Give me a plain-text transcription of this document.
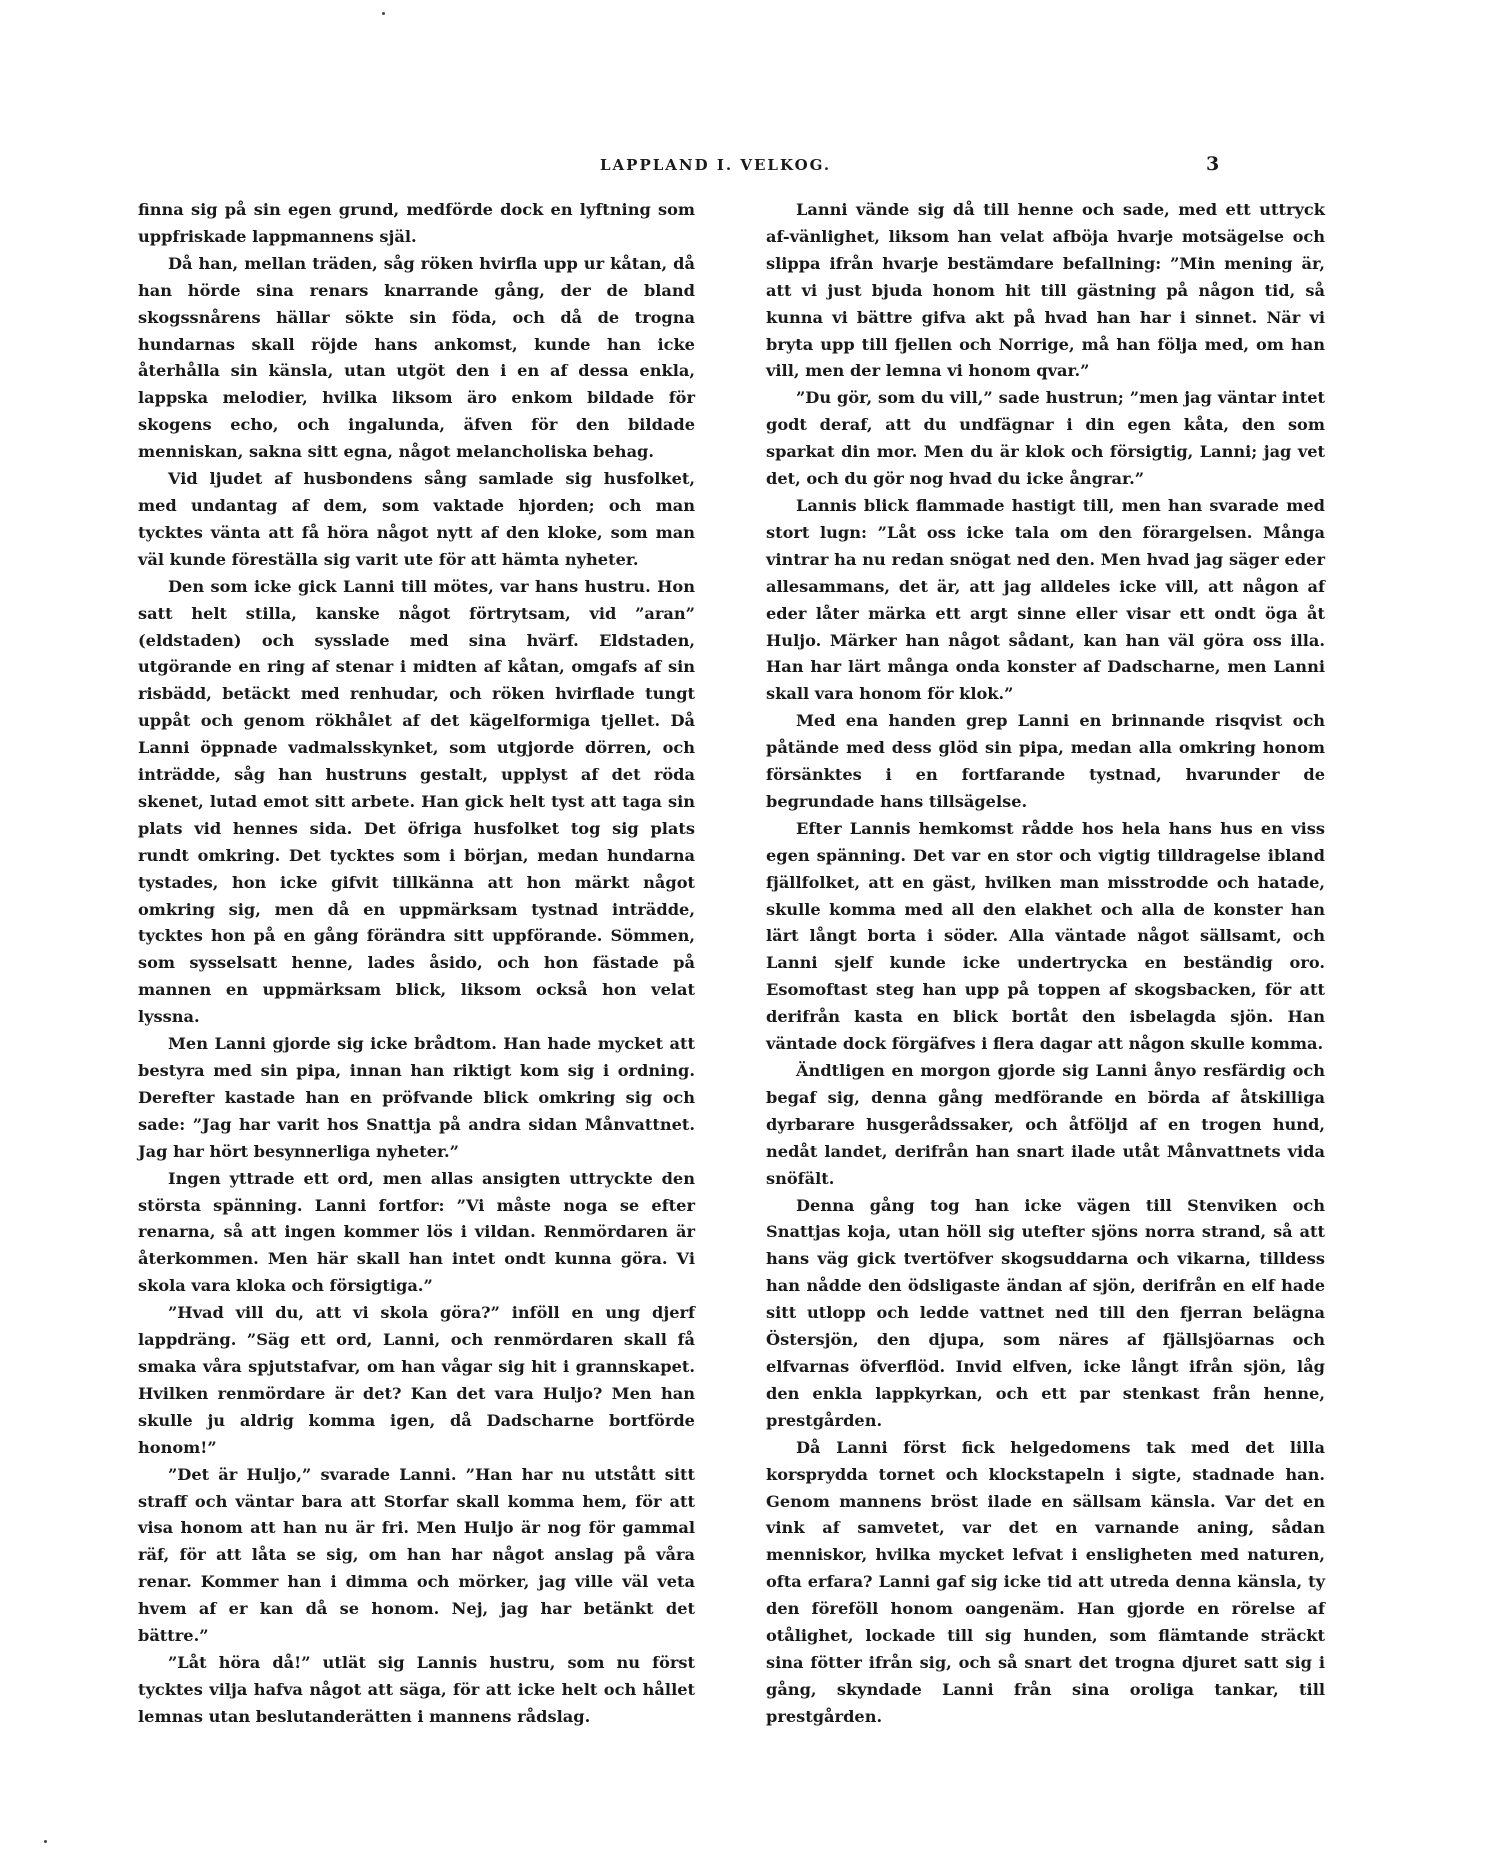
LAPPLAND I. VELKOG.	3

finna sig på sin egen grund, medförde dock en lyftning som uppfriskade lappmannens själ.

Då han, mellan träden, såg röken hvirfla upp ur kåtan, då han hörde sina renars knarrande gång, der de bland skogssnårens hällar sökte sin föda, och då de trogna hundarnas skall röjde hans ankomst, kunde han icke återhålla sin känsla, utan utgöt den i en af dessa enkla, lappska melodier, hvilka liksom äro enkom bildade för skogens echo, och ingalunda, äfven för den bildade menniskan, sakna sitt egna, något melancholiska behag.

Vid ljudet af husbondens sång samlade sig husfolket, med undantag af dem, som vaktade hjorden; och man tycktes vänta att få höra något nytt af den kloke, som man väl kunde föreställa sig varit ute för att hämta nyheter.

Den som icke gick Lanni till mötes, var hans hustru. Hon satt helt stilla, kanske något förtrytsam, vid ”aran” (eldstaden) och sysslade med sina hvärf. Eldstaden, utgörande en ring af stenar i midten af kåtan, omgafs af sin risbädd, betäckt med renhudar, och röken hvirflade tungt uppåt och genom rökhålet af det kägelformiga tjellet. Då Lanni öppnade vadmalsskynket, som utgjorde dörren, och inträdde, såg han hustruns gestalt, upplyst af det röda skenet, lutad emot sitt arbete. Han gick helt tyst att taga sin plats vid hennes sida. Det öfriga husfolket tog sig plats rundt omkring. Det tycktes som i början, medan hundarna tystades, hon icke gifvit tillkänna att hon märkt något omkring sig, men då en uppmärksam tystnad inträdde, tycktes hon på en gång förändra sitt uppförande. Sömmen, som sysselsatt henne, lades åsido, och hon fästade på mannen en uppmärksam blick, liksom också hon velat lyssna.

Men Lanni gjorde sig icke brådtom. Han hade mycket att bestyra med sin pipa, innan han riktigt kom sig i ordning. Derefter kastade han en pröfvande blick omkring sig och sade: ”Jag har varit hos Snattja på andra sidan Månvattnet. Jag har hört besynnerliga nyheter.”

Ingen yttrade ett ord, men allas ansigten uttryckte den största spänning. Lanni fortfor: ”Vi måste noga se efter renarna, så att ingen kommer lös i vildan. Renmördaren är återkommen. Men här skall han intet ondt kunna göra. Vi skola vara kloka och försigtiga.”

”Hvad vill du, att vi skola göra?” inföll en ung djerf lappdräng. ”Säg ett ord, Lanni, och renmördaren skall få smaka våra spjutstafvar, om han vågar sig hit i grannskapet. Hvilken renmördare är det? Kan det vara Huljo? Men han skulle ju aldrig komma igen, då Dadscharne bortförde honom!”

”Det är Huljo,” svarade Lanni. ”Han har nu utstått sitt straff och väntar bara att Storfar skall komma hem, för att visa honom att han nu är fri. Men Huljo är nog för gammal räf, för att låta se sig, om han har något anslag på våra renar. Kommer han i dimma och mörker, jag ville väl veta hvem af er kan då se honom. Nej, jag har betänkt det bättre.”

”Låt höra då!” utlät sig Lannis hustru, som nu först tycktes vilja hafva något att säga, för att icke helt och hållet lemnas utan beslutanderätten i mannens rådslag.

Lanni vände sig då till henne och sade, med ett uttryck af-vänlighet, liksom han velat afböja hvarje motsägelse och slippa ifrån hvarje bestämdare befallning: ”Min mening är, att vi just bjuda honom hit till gästning på någon tid, så kunna vi bättre gifva akt på hvad han har i sinnet. När vi bryta upp till fjellen och Norrige, må han följa med, om han vill, men der lemna vi honom qvar.”

”Du gör, som du vill,” sade hustrun; ”men jag väntar intet godt deraf, att du undfägnar i din egen kåta, den som sparkat din mor. Men du är klok och försigtig, Lanni; jag vet det, och du gör nog hvad du icke ångrar.”

Lannis blick flammade hastigt till, men han svarade med stort lugn: ”Låt oss icke tala om den förargelsen. Många vintrar ha nu redan snögat ned den. Men hvad jag säger eder allesammans, det är, att jag alldeles icke vill, att någon af eder låter märka ett argt sinne eller visar ett ondt öga åt Huljo. Märker han något sådant, kan han väl göra oss illa. Han har lärt många onda konster af Dadscharne, men Lanni skall vara honom för klok.”

Med ena handen grep Lanni en brinnande risqvist och påtände med dess glöd sin pipa, medan alla omkring honom försänktes i en fortfarande tystnad, hvarunder de begrundade hans tillsägelse.

Efter Lannis hemkomst rådde hos hela hans hus en viss egen spänning. Det var en stor och vigtig tilldragelse ibland fjällfolket, att en gäst, hvilken man misstrodde och hatade, skulle komma med all den elakhet och alla de konster han lärt långt borta i söder. Alla väntade något sällsamt, och Lanni sjelf kunde icke undertrycka en beständig oro. Esomoftast steg han upp på toppen af skogsbacken, för att derifrån kasta en blick bortåt den isbelagda sjön. Han väntade dock förgäfves i flera dagar att någon skulle komma.

Ändtligen en morgon gjorde sig Lanni ånyo resfärdig och begaf sig, denna gång medförande en börda af åtskilliga dyrbarare husgerådssaker, och åtföljd af en trogen hund, nedåt landet, derifrån han snart ilade utåt Månvattnets vida snöfält.

Denna gång tog han icke vägen till Stenviken och Snattjas koja, utan höll sig utefter sjöns norra strand, så att hans väg gick tvertöfver skogsuddarna och vikarna, tilldess han nådde den ödsligaste ändan af sjön, derifrån en elf hade sitt utlopp och ledde vattnet ned till den fjerran belägna Östersjön, den djupa, som näres af fjällsjöarnas och elfvarnas öfverflöd. Invid elfven, icke långt ifrån sjön, låg den enkla lappkyrkan, och ett par stenkast från henne, prestgården.

Då Lanni först fick helgedomens tak med det lilla korsprydda tornet och klockstapeln i sigte, stadnade han. Genom mannens bröst ilade en sällsam känsla. Var det en vink af samvetet, var det en varnande aning, sådan menniskor, hvilka mycket lefvat i ensligheten med naturen, ofta erfara? Lanni gaf sig icke tid att utreda denna känsla, ty den föreföll honom oangenäm. Han gjorde en rörelse af otålighet, lockade till sig hunden, som flämtande sträckt sina fötter ifrån sig, och så snart det trogna djuret satt sig i gång, skyndade Lanni från sina oroliga tankar, till prestgården.
